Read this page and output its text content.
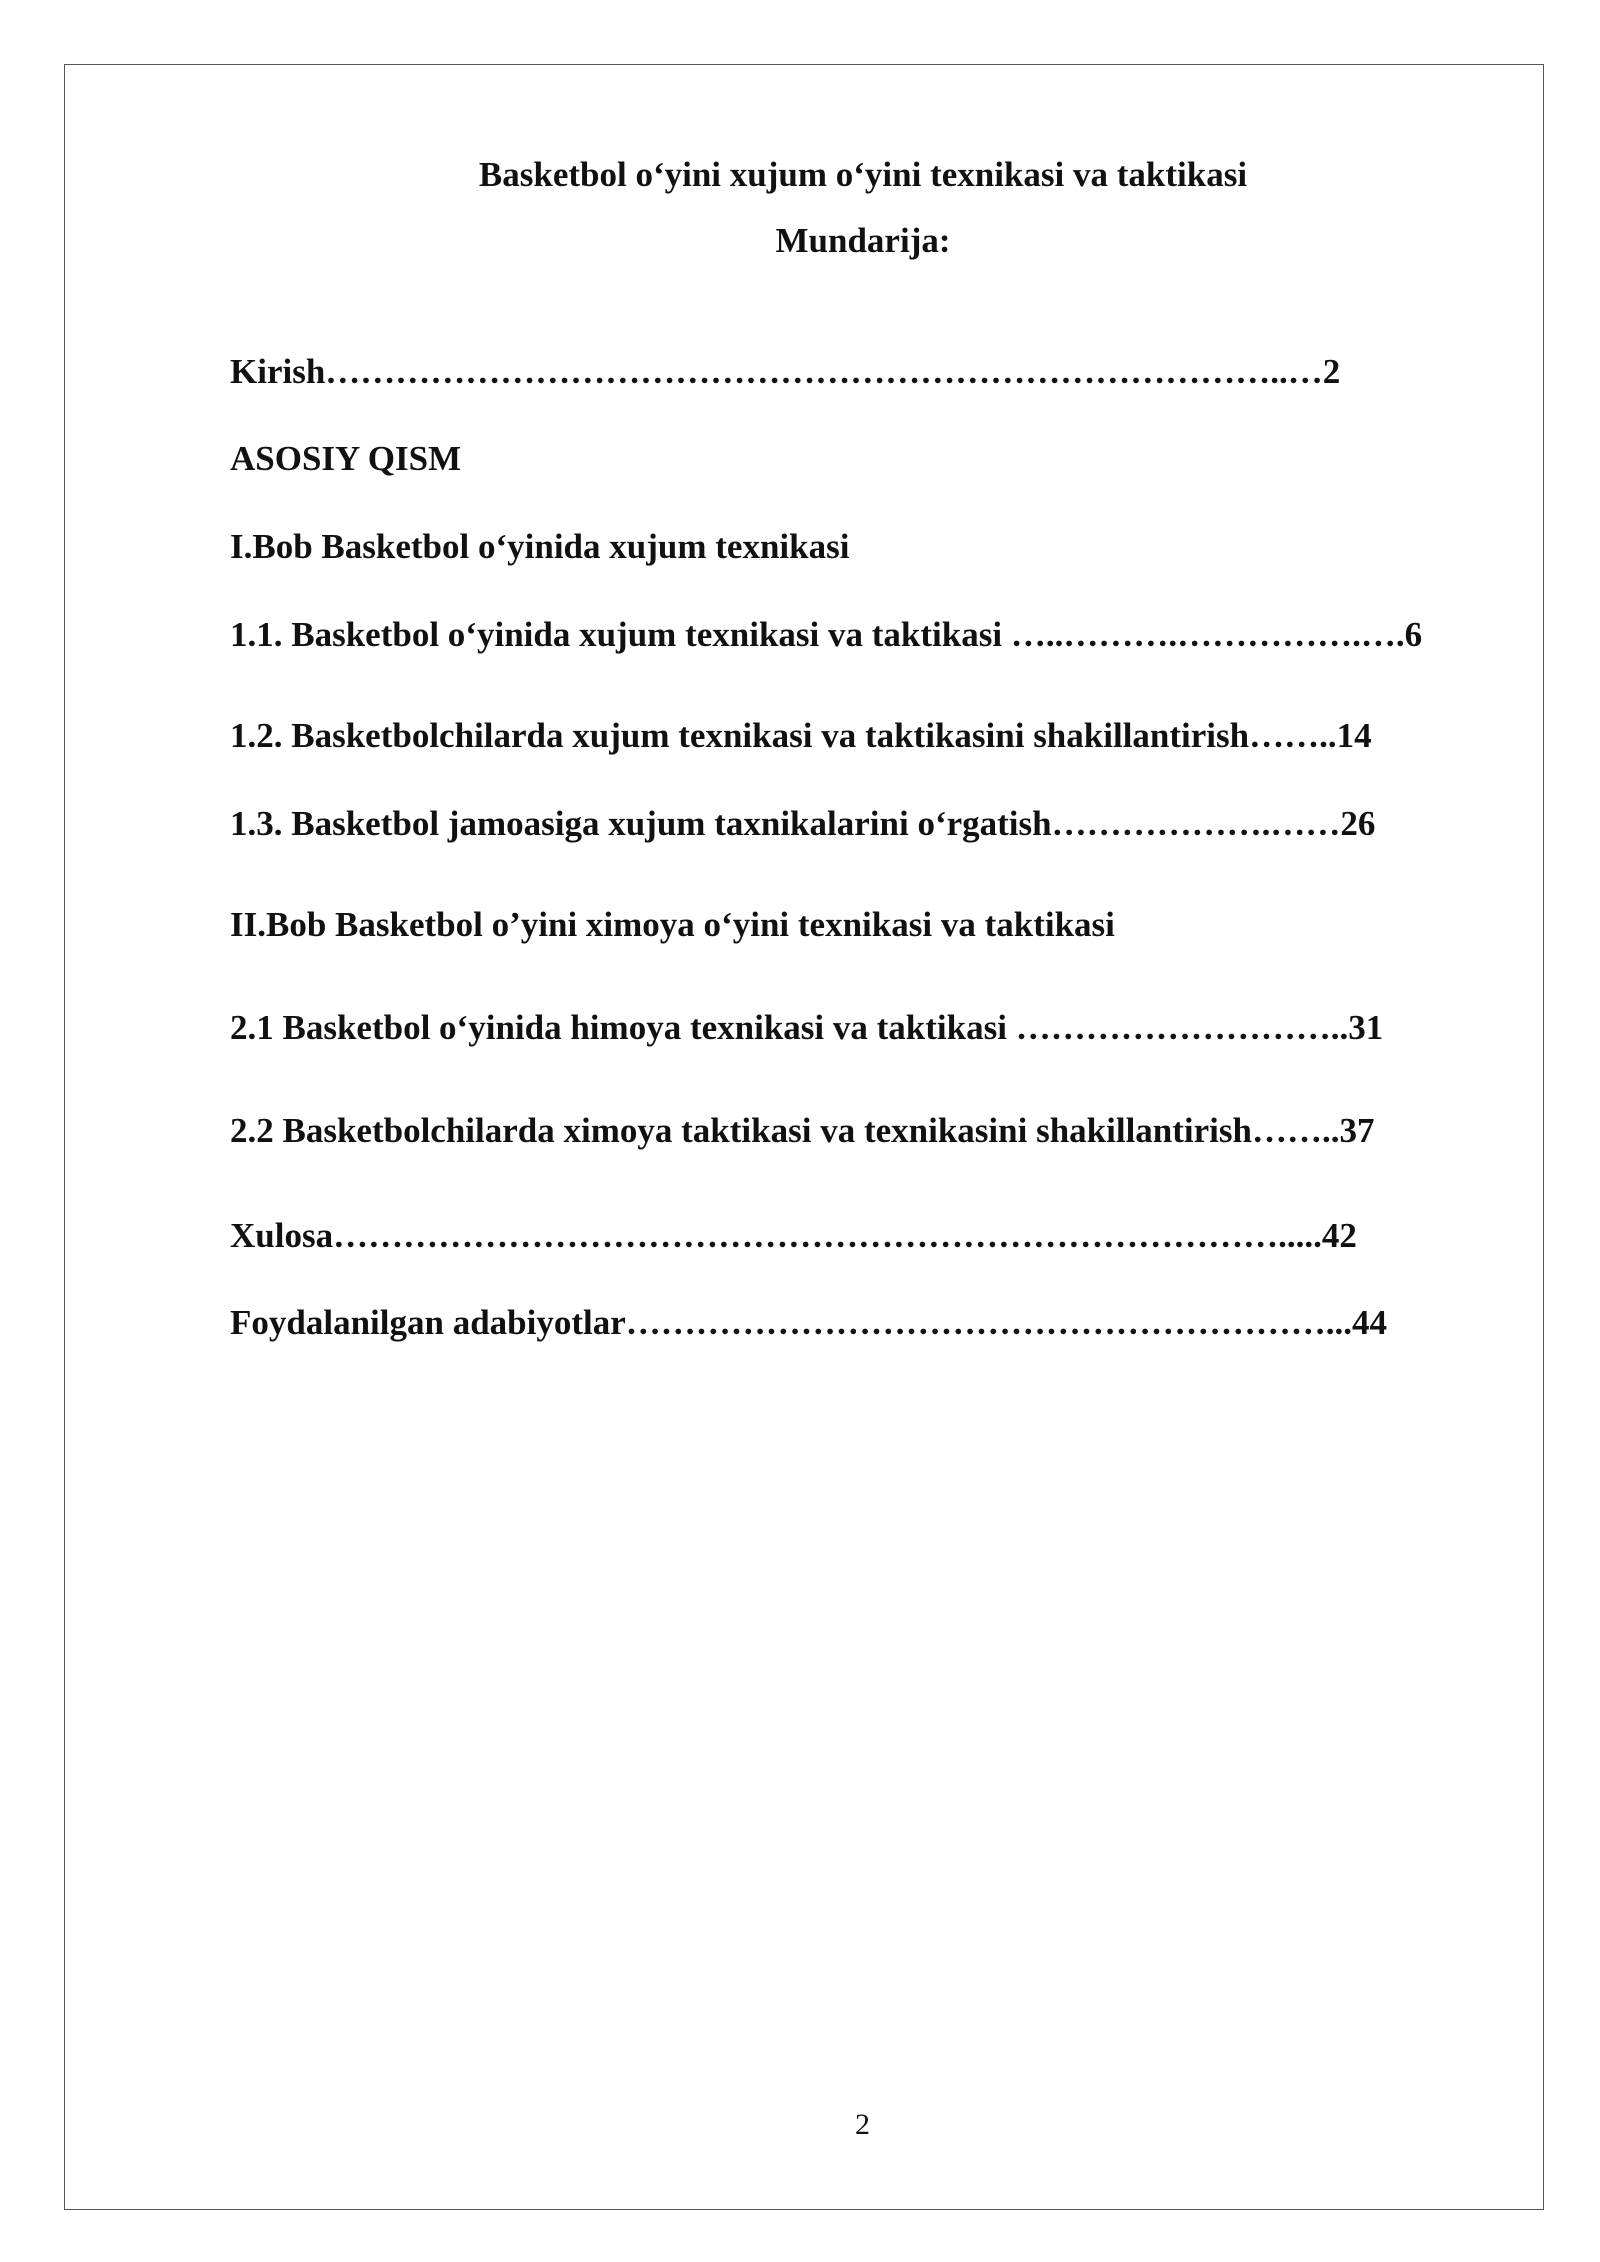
Basketbol o‘yini xujum o‘yini texnikasi va taktikasi
Mundarija:
Kirish………………………………………………………………………..…2
ASOSIY QISM
I.Bob Basketbol o‘yinida xujum texnikasi
1.1. Basketbol o‘yinida xujum texnikasi va taktikasi …..……….…………….….6
1.2. Basketbolchilarda xujum texnikasi va taktikasini shakillantirish……..14
1.3. Basketbol jamoasiga xujum taxnikalarini o‘rgatish……………….……26
II.Bob Basketbol o’yini ximoya o‘yini texnikasi va taktikasi
2.1 Basketbol o‘yinida himoya texnikasi va taktikasi ………………………..31
2.2 Basketbolchilarda ximoya taktikasi va texnikasini shakillantirish……..37
Xulosa……………………………………………………………………….....42
Foydalanilgan adabiyotlar……………………………………………………...44
2
